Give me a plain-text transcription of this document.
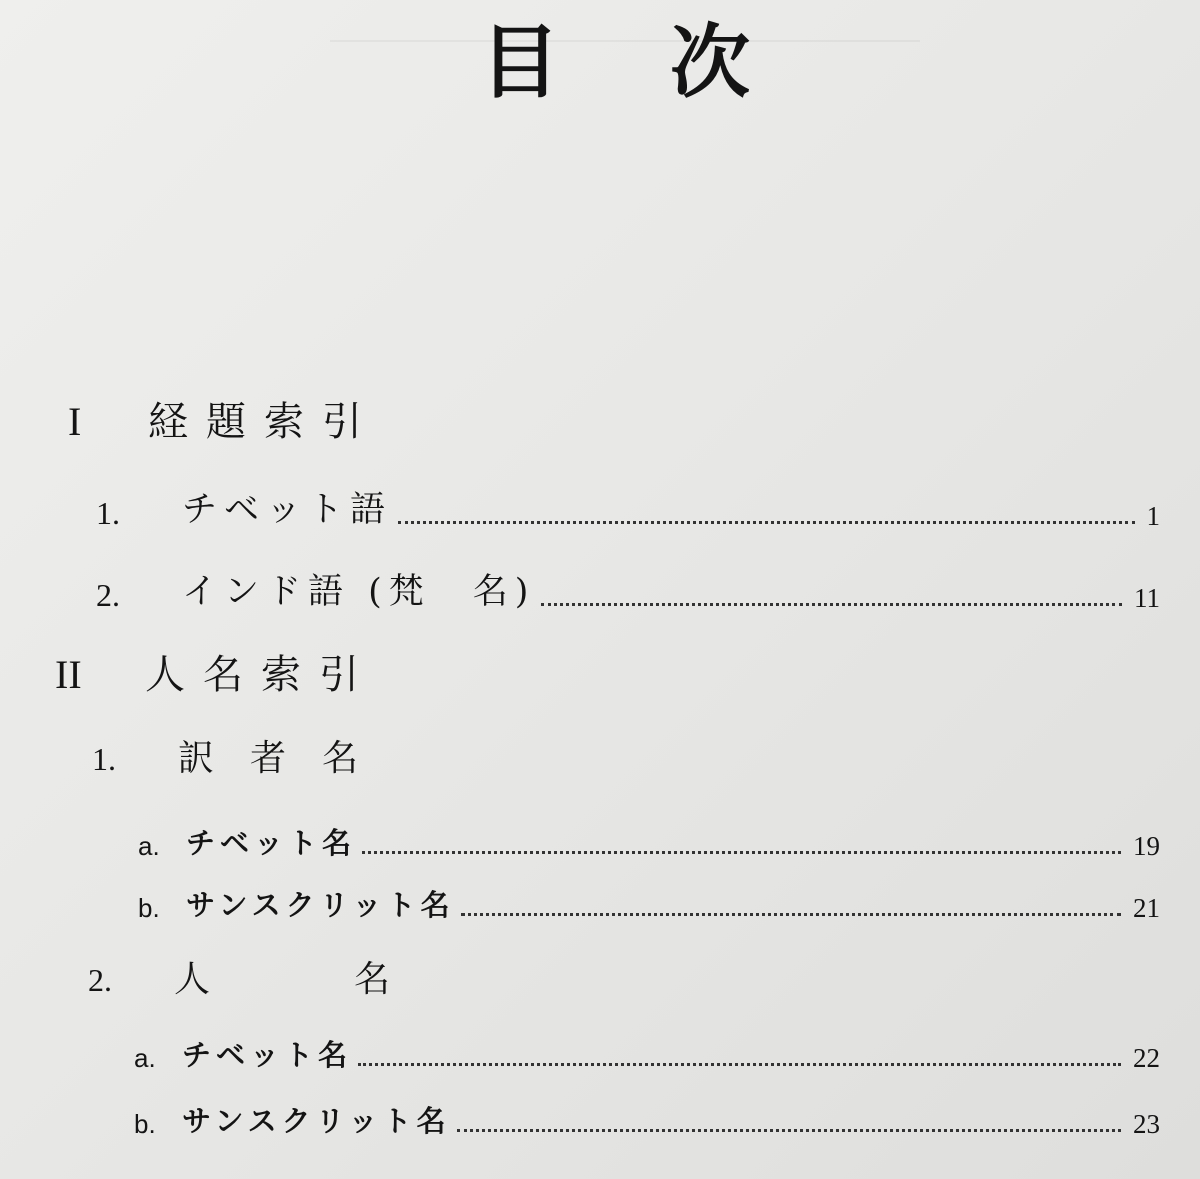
目次
I 経題索引
1.	チベット語	1
2.	インド語 (梵　名)	11
II 人名索引
1. 訳　者　名
a. チベット名	19
b. サンスクリット名	21
2. 人　　　　名
a. チベット名	22
b. サンスクリット名	23
